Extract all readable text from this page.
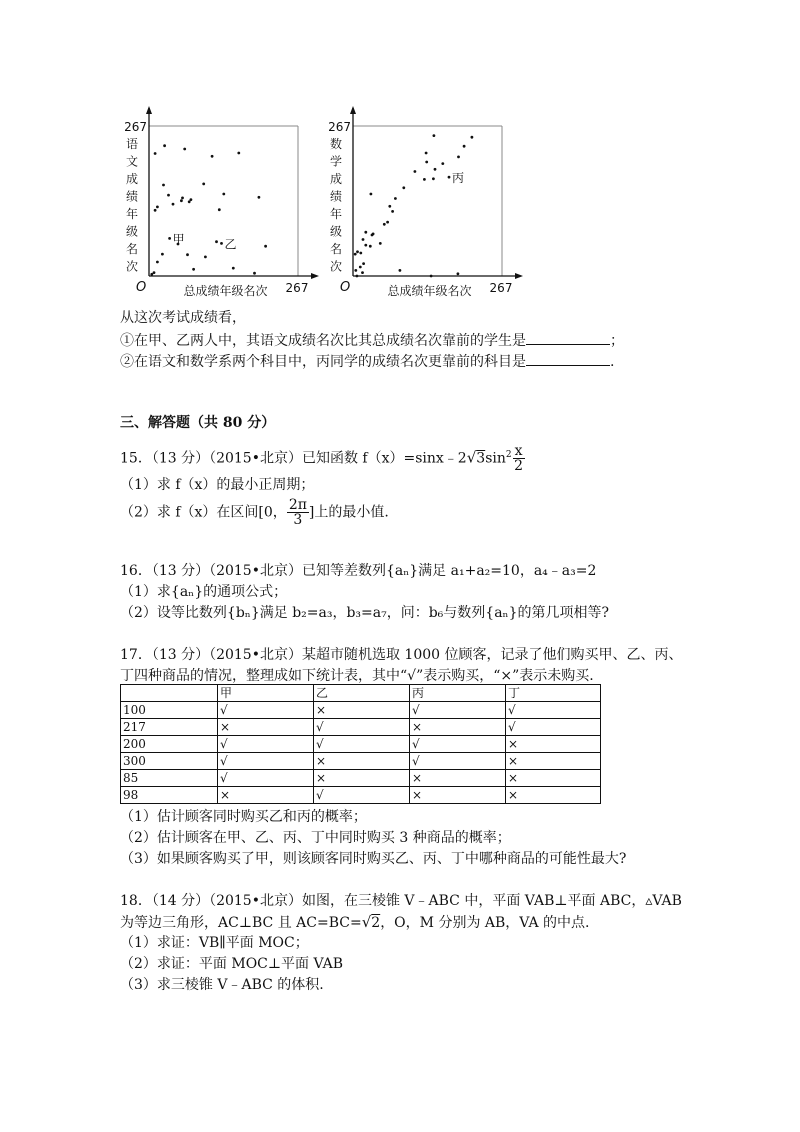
267
语
文
成
绩
年
级
名
次
O	总成绩年级名次 267
甲	乙
267
数
学
成
绩
年
级
名
次
O	总成绩年级名次 267
丙
从这次考试成绩看，
①在甲、乙两人中，其语文成绩名次比其总成绩名次靠前的学生是	；
②在语文和数学系两个科目中，丙同学的成绩名次更靠前的科目是	.
三、解答题（共 80 分）
15．（13 分）（2015•北京）已知函数 $f(x)=\sin x﹣2√3\sin^2 \frac{x}{2}$
（1）求 f（x）的最小正周期；
（2）求 f（x）在区间[0， $\frac{2\pi}{3}$ ]上的最小值.
16．（13 分）（2015•北京）已知等差数列{aₙ}满足 a₁+a₂=10，a₄﹣a₃=2
（1）求{aₙ}的通项公式；
（2）设等比数列{bₙ}满足 b₂=a₃，b₃=a₇，问：b₆与数列{aₙ}的第几项相等?
17．（13 分）（2015•北京）某超市随机选取 1000 位顾客，记录了他们购买甲、乙、丙、
丁四种商品的情况，整理成如下统计表，其中“√”表示购买，“×”表示未购买.
	甲	乙	丙	丁
100	√	×	√	√
217	×	√	×	√
200	√	√	√	×
300	√	×	√	×
85	√	×	×	×
98	×	√	×	×
（1）估计顾客同时购买乙和丙的概率；
（2）估计顾客在甲、乙、丙、丁中同时购买 3 种商品的概率；
（3）如果顾客购买了甲，则该顾客同时购买乙、丙、丁中哪种商品的可能性最大?
18．（14 分）（2015•北京）如图，在三棱锥 V﹣ABC 中，平面 VAB⊥平面 ABC，▵VAB
为等边三角形，AC⊥BC 且 AC=BC=√2，O，M 分别为 AB，VA 的中点.
（1）求证：VB∥平面 MOC；
（2）求证：平面 MOC⊥平面 VAB
（3）求三棱锥 V﹣ABC 的体积.
